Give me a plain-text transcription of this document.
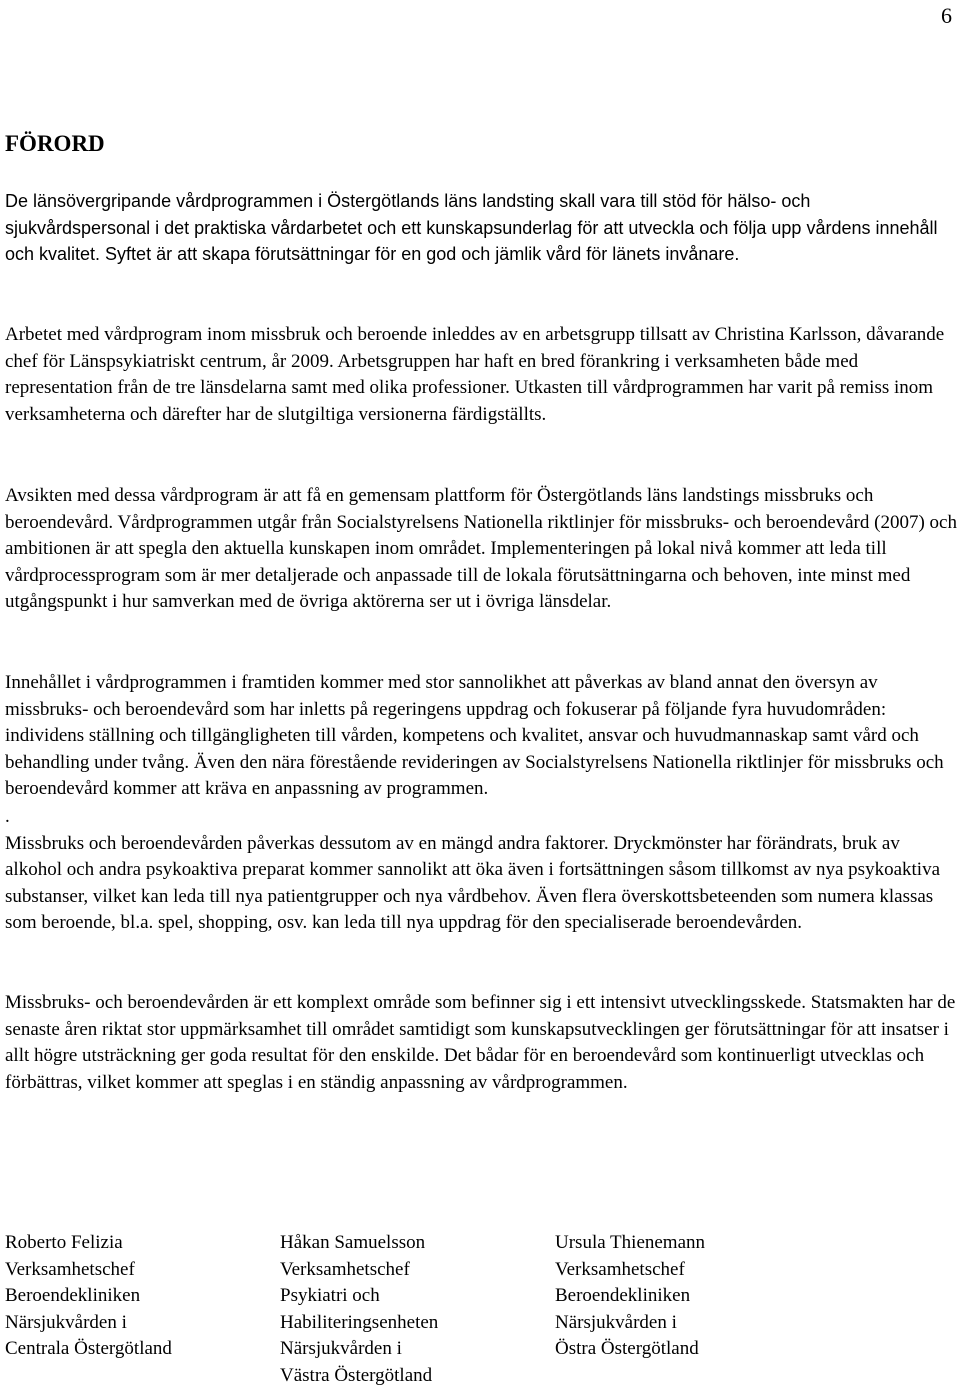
6
FÖRORD

De länsövergripande vårdprogrammen i Östergötlands läns landsting skall vara till stöd för hälso- och sjukvårdspersonal i det praktiska vårdarbetet och ett kunskapsunderlag för att utveckla och följa upp vårdens innehåll och kvalitet. Syftet är att skapa förutsättningar för en god och jämlik vård för länets invånare.

Arbetet med vårdprogram inom missbruk och beroende inleddes av en arbetsgrupp tillsatt av Christina Karlsson, dåvarande chef för Länspsykiatriskt centrum, år 2009. Arbetsgruppen har haft en bred förankring i verksamheten både med representation från de tre länsdelarna samt med olika professioner. Utkasten till vårdprogrammen har varit på remiss inom verksamheterna och därefter har de slutgiltiga versionerna färdigställts.

Avsikten med dessa vårdprogram är att få en gemensam plattform för Östergötlands läns landstings missbruks och beroendevård. Vårdprogrammen utgår från Socialstyrelsens Nationella riktlinjer för missbruks- och beroendevård (2007) och ambitionen är att spegla den aktuella kunskapen inom området. Implementeringen på lokal nivå kommer att leda till vårdprocessprogram som är mer detaljerade och anpassade till de lokala förutsättningarna och behoven, inte minst med utgångspunkt i hur samverkan med de övriga aktörerna ser ut i övriga länsdelar.

Innehållet i vårdprogrammen i framtiden kommer med stor sannolikhet att påverkas av bland annat den översyn av missbruks- och beroendevård som har inletts på regeringens uppdrag och fokuserar på följande fyra huvudområden: individens ställning och tillgängligheten till vården, kompetens och kvalitet, ansvar och huvudmannaskap samt vård och behandling under tvång. Även den nära förestående revideringen av Socialstyrelsens Nationella riktlinjer för missbruks och beroendevård kommer att kräva en anpassning av programmen.

.
Missbruks och beroendevården påverkas dessutom av en mängd andra faktorer. Dryckmönster har förändrats, bruk av alkohol och andra psykoaktiva preparat kommer sannolikt att öka även i fortsättningen såsom tillkomst av nya psykoaktiva substanser, vilket kan leda till nya patientgrupper och nya vårdbehov. Även flera överskottsbeteenden som numera klassas som beroende, bl.a. spel, shopping, osv. kan leda till nya uppdrag för den specialiserade beroendevården.

Missbruks- och beroendevården är ett komplext område som befinner sig i ett intensivt utvecklingsskede. Statsmakten har de senaste åren riktat stor uppmärksamhet till området samtidigt som kunskapsutvecklingen ger förutsättningar för att insatser i allt högre utsträckning ger goda resultat för den enskilde. Det bådar för en beroendevård som kontinuerligt utvecklas och förbättras, vilket kommer att speglas i en ständig anpassning av vårdprogrammen.

Roberto Felizia
Verksamhetschef
Beroendekliniken
Närsjukvården i
Centrala Östergötland
Håkan Samuelsson
Verksamhetschef
Psykiatri och
Habiliteringsenheten
Närsjukvården i
Västra Östergötland
Ursula Thienemann
Verksamhetschef
Beroendekliniken
Närsjukvården i
Östra Östergötland
